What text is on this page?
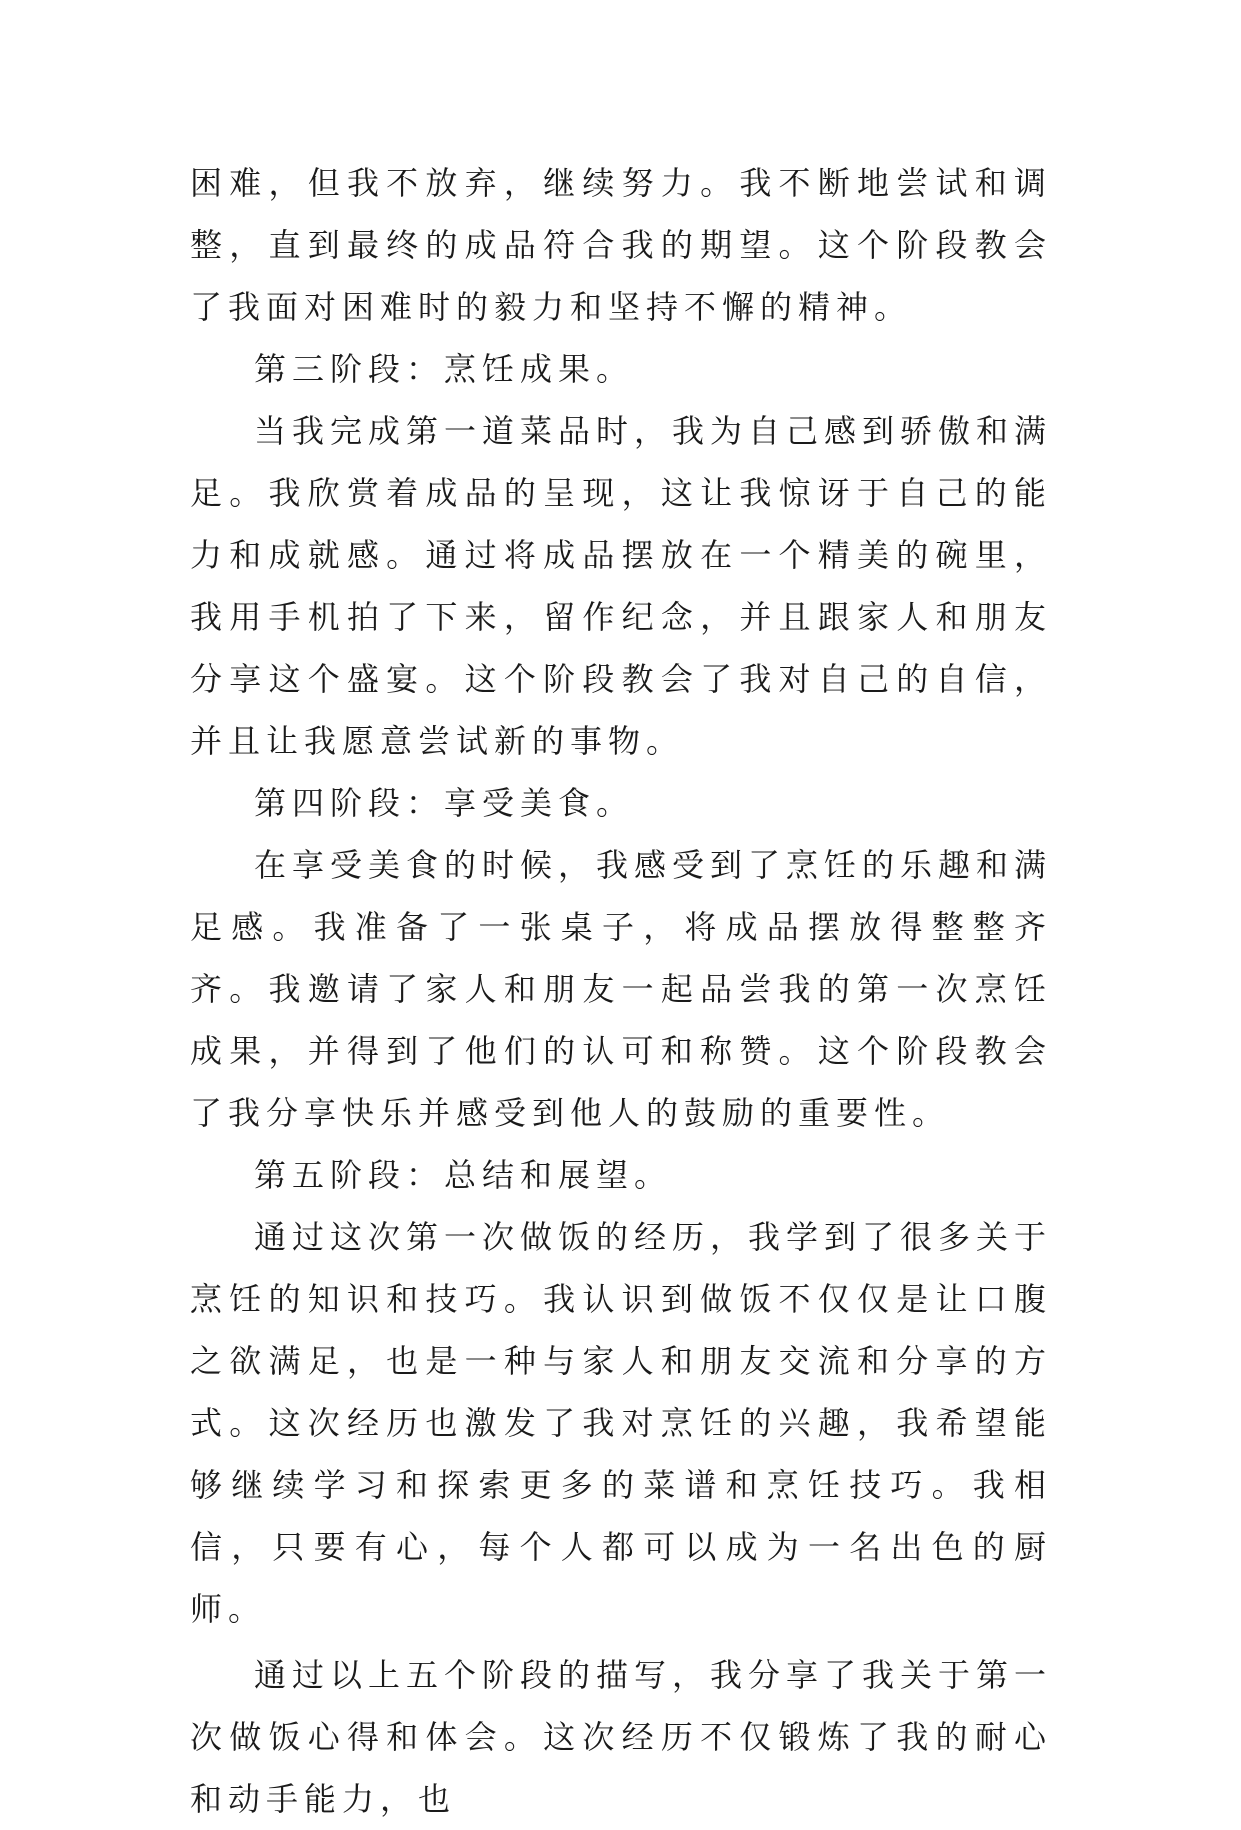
困难，但我不放弃，继续努力。我不断地尝试和调整，直到最终的成品符合我的期望。这个阶段教会了我面对困难时的毅力和坚持不懈的精神。

第三阶段：烹饪成果。

当我完成第一道菜品时，我为自己感到骄傲和满足。我欣赏着成品的呈现，这让我惊讶于自己的能力和成就感。通过将成品摆放在一个精美的碗里，我用手机拍了下来，留作纪念，并且跟家人和朋友分享这个盛宴。这个阶段教会了我对自己的自信，并且让我愿意尝试新的事物。

第四阶段：享受美食。

在享受美食的时候，我感受到了烹饪的乐趣和满足感。我准备了一张桌子，将成品摆放得整整齐齐。我邀请了家人和朋友一起品尝我的第一次烹饪成果，并得到了他们的认可和称赞。这个阶段教会了我分享快乐并感受到他人的鼓励的重要性。

第五阶段：总结和展望。

通过这次第一次做饭的经历，我学到了很多关于烹饪的知识和技巧。我认识到做饭不仅仅是让口腹之欲满足，也是一种与家人和朋友交流和分享的方式。这次经历也激发了我对烹饪的兴趣，我希望能够继续学习和探索更多的菜谱和烹饪技巧。我相信，只要有心，每个人都可以成为一名出色的厨师。

通过以上五个阶段的描写，我分享了我关于第一次做饭心得和体会。这次经历不仅锻炼了我的耐心和动手能力，也
